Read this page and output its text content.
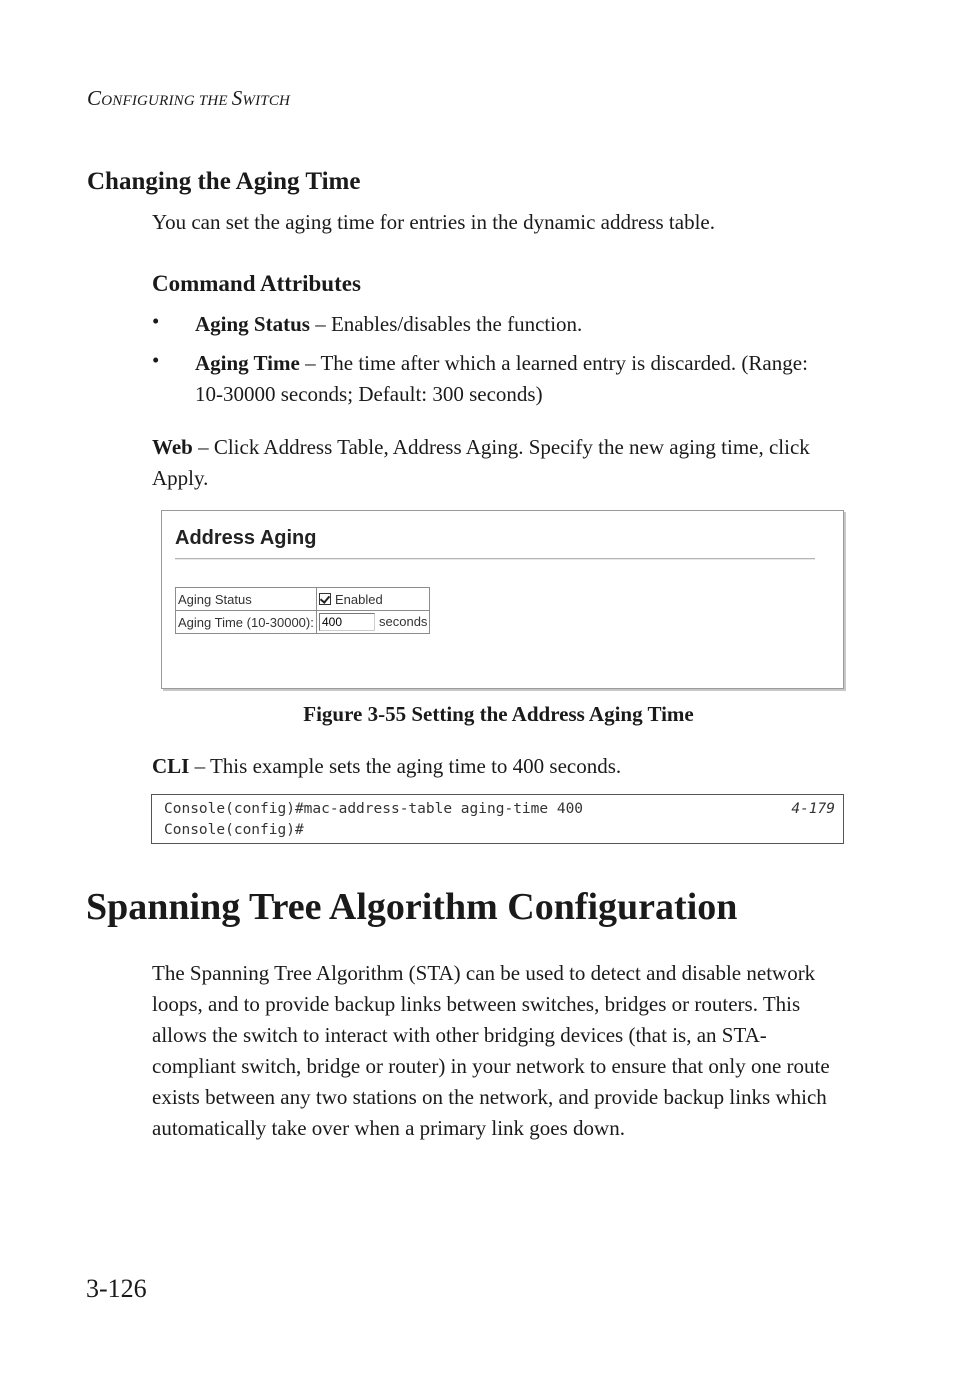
CONFIGURING THE SWITCH
Changing the Aging Time
You can set the aging time for entries in the dynamic address table.
Command Attributes
• Aging Status – Enables/disables the function.
• Aging Time – The time after which a learned entry is discarded. (Range: 10-30000 seconds; Default: 300 seconds)
Web – Click Address Table, Address Aging. Specify the new aging time, click Apply.
Address Aging
Aging Status	Enabled
Aging Time (10-30000):	400seconds
Figure 3-55 Setting the Address Aging Time
CLI – This example sets the aging time to 400 seconds.
Console(config)#mac-address-table aging-time 400
Console(config)#
4-179
Spanning Tree Algorithm Configuration
The Spanning Tree Algorithm (STA) can be used to detect and disable network loops, and to provide backup links between switches, bridges or routers. This allows the switch to interact with other bridging devices (that is, an STA-compliant switch, bridge or router) in your network to ensure that only one route exists between any two stations on the network, and provide backup links which automatically take over when a primary link goes down.
3-126
